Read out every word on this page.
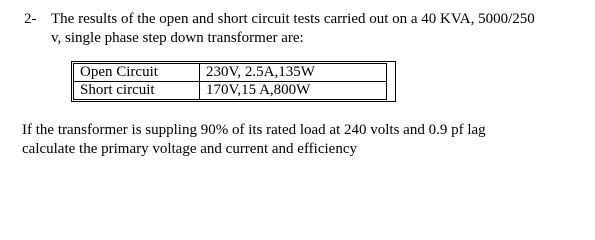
2- The results of the open and short circuit tests carried out on a 40 KVA, 5000/250
v, single phase step down transformer are:
Open Circuit	230V, 2.5A,135W
Short circuit	170V,15 A,800W
If the transformer is suppling 90% of its rated load at 240 volts and 0.9 pf lag
calculate the primary voltage and current and efficiency
